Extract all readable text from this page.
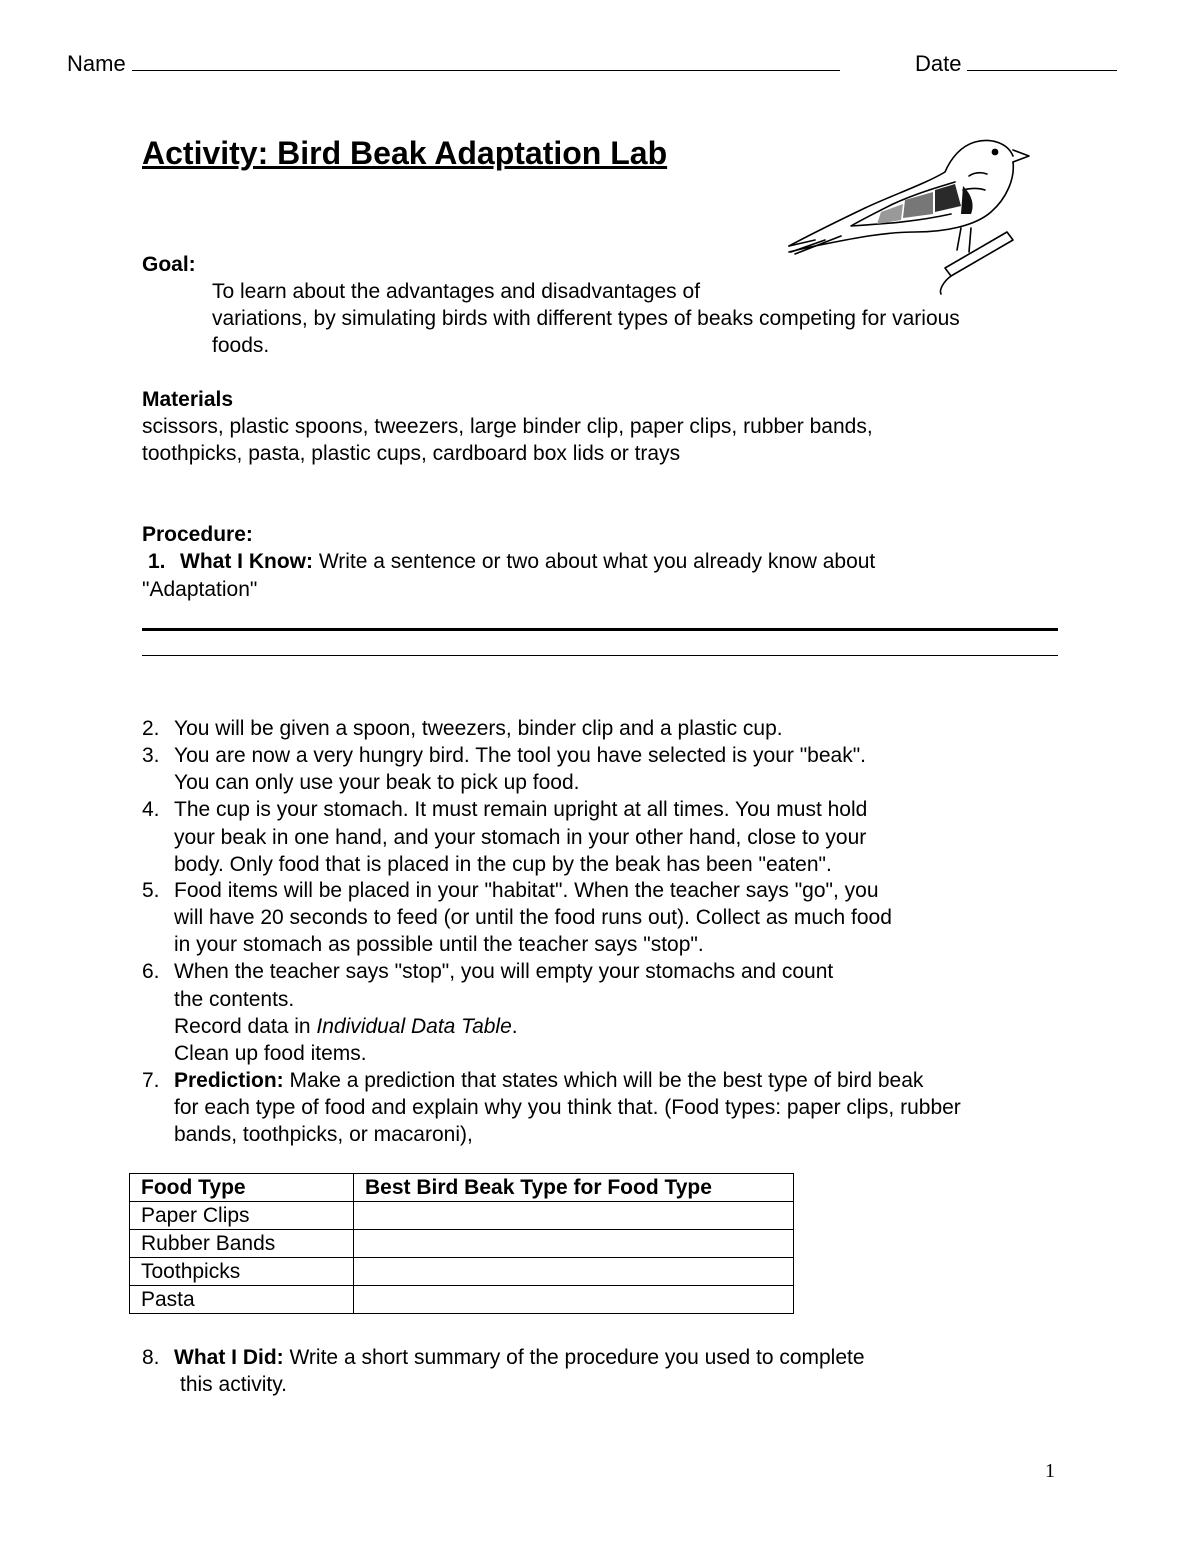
Name	Date
Activity: Bird Beak Adaptation Lab
Goal:
To learn about the advantages and disadvantages of
variations, by simulating birds with different types of beaks competing for various
foods.
Materials
scissors, plastic spoons, tweezers, large binder clip, paper clips, rubber bands,
toothpicks, pasta, plastic cups, cardboard box lids or trays
Procedure:
1. What I Know: Write a sentence or two about what you already know about
"Adaptation"
2. You will be given a spoon, tweezers, binder clip and a plastic cup.
3. You are now a very hungry bird. The tool you have selected is your "beak".
You can only use your beak to pick up food.
4. The cup is your stomach. It must remain upright at all times. You must hold
your beak in one hand, and your stomach in your other hand, close to your
body. Only food that is placed in the cup by the beak has been "eaten".
5. Food items will be placed in your "habitat". When the teacher says "go", you
will have 20 seconds to feed (or until the food runs out). Collect as much food
in your stomach as possible until the teacher says "stop".
6. When the teacher says "stop", you will empty your stomachs and count
the contents.
Record data in Individual Data Table.
Clean up food items.
7. Prediction: Make a prediction that states which will be the best type of bird beak
for each type of food and explain why you think that. (Food types: paper clips, rubber
bands, toothpicks, or macaroni),
Food Type	Best Bird Beak Type for Food Type
Paper Clips	
Rubber Bands	
Toothpicks	
Pasta	
8. What I Did: Write a short summary of the procedure you used to complete
this activity.
1
